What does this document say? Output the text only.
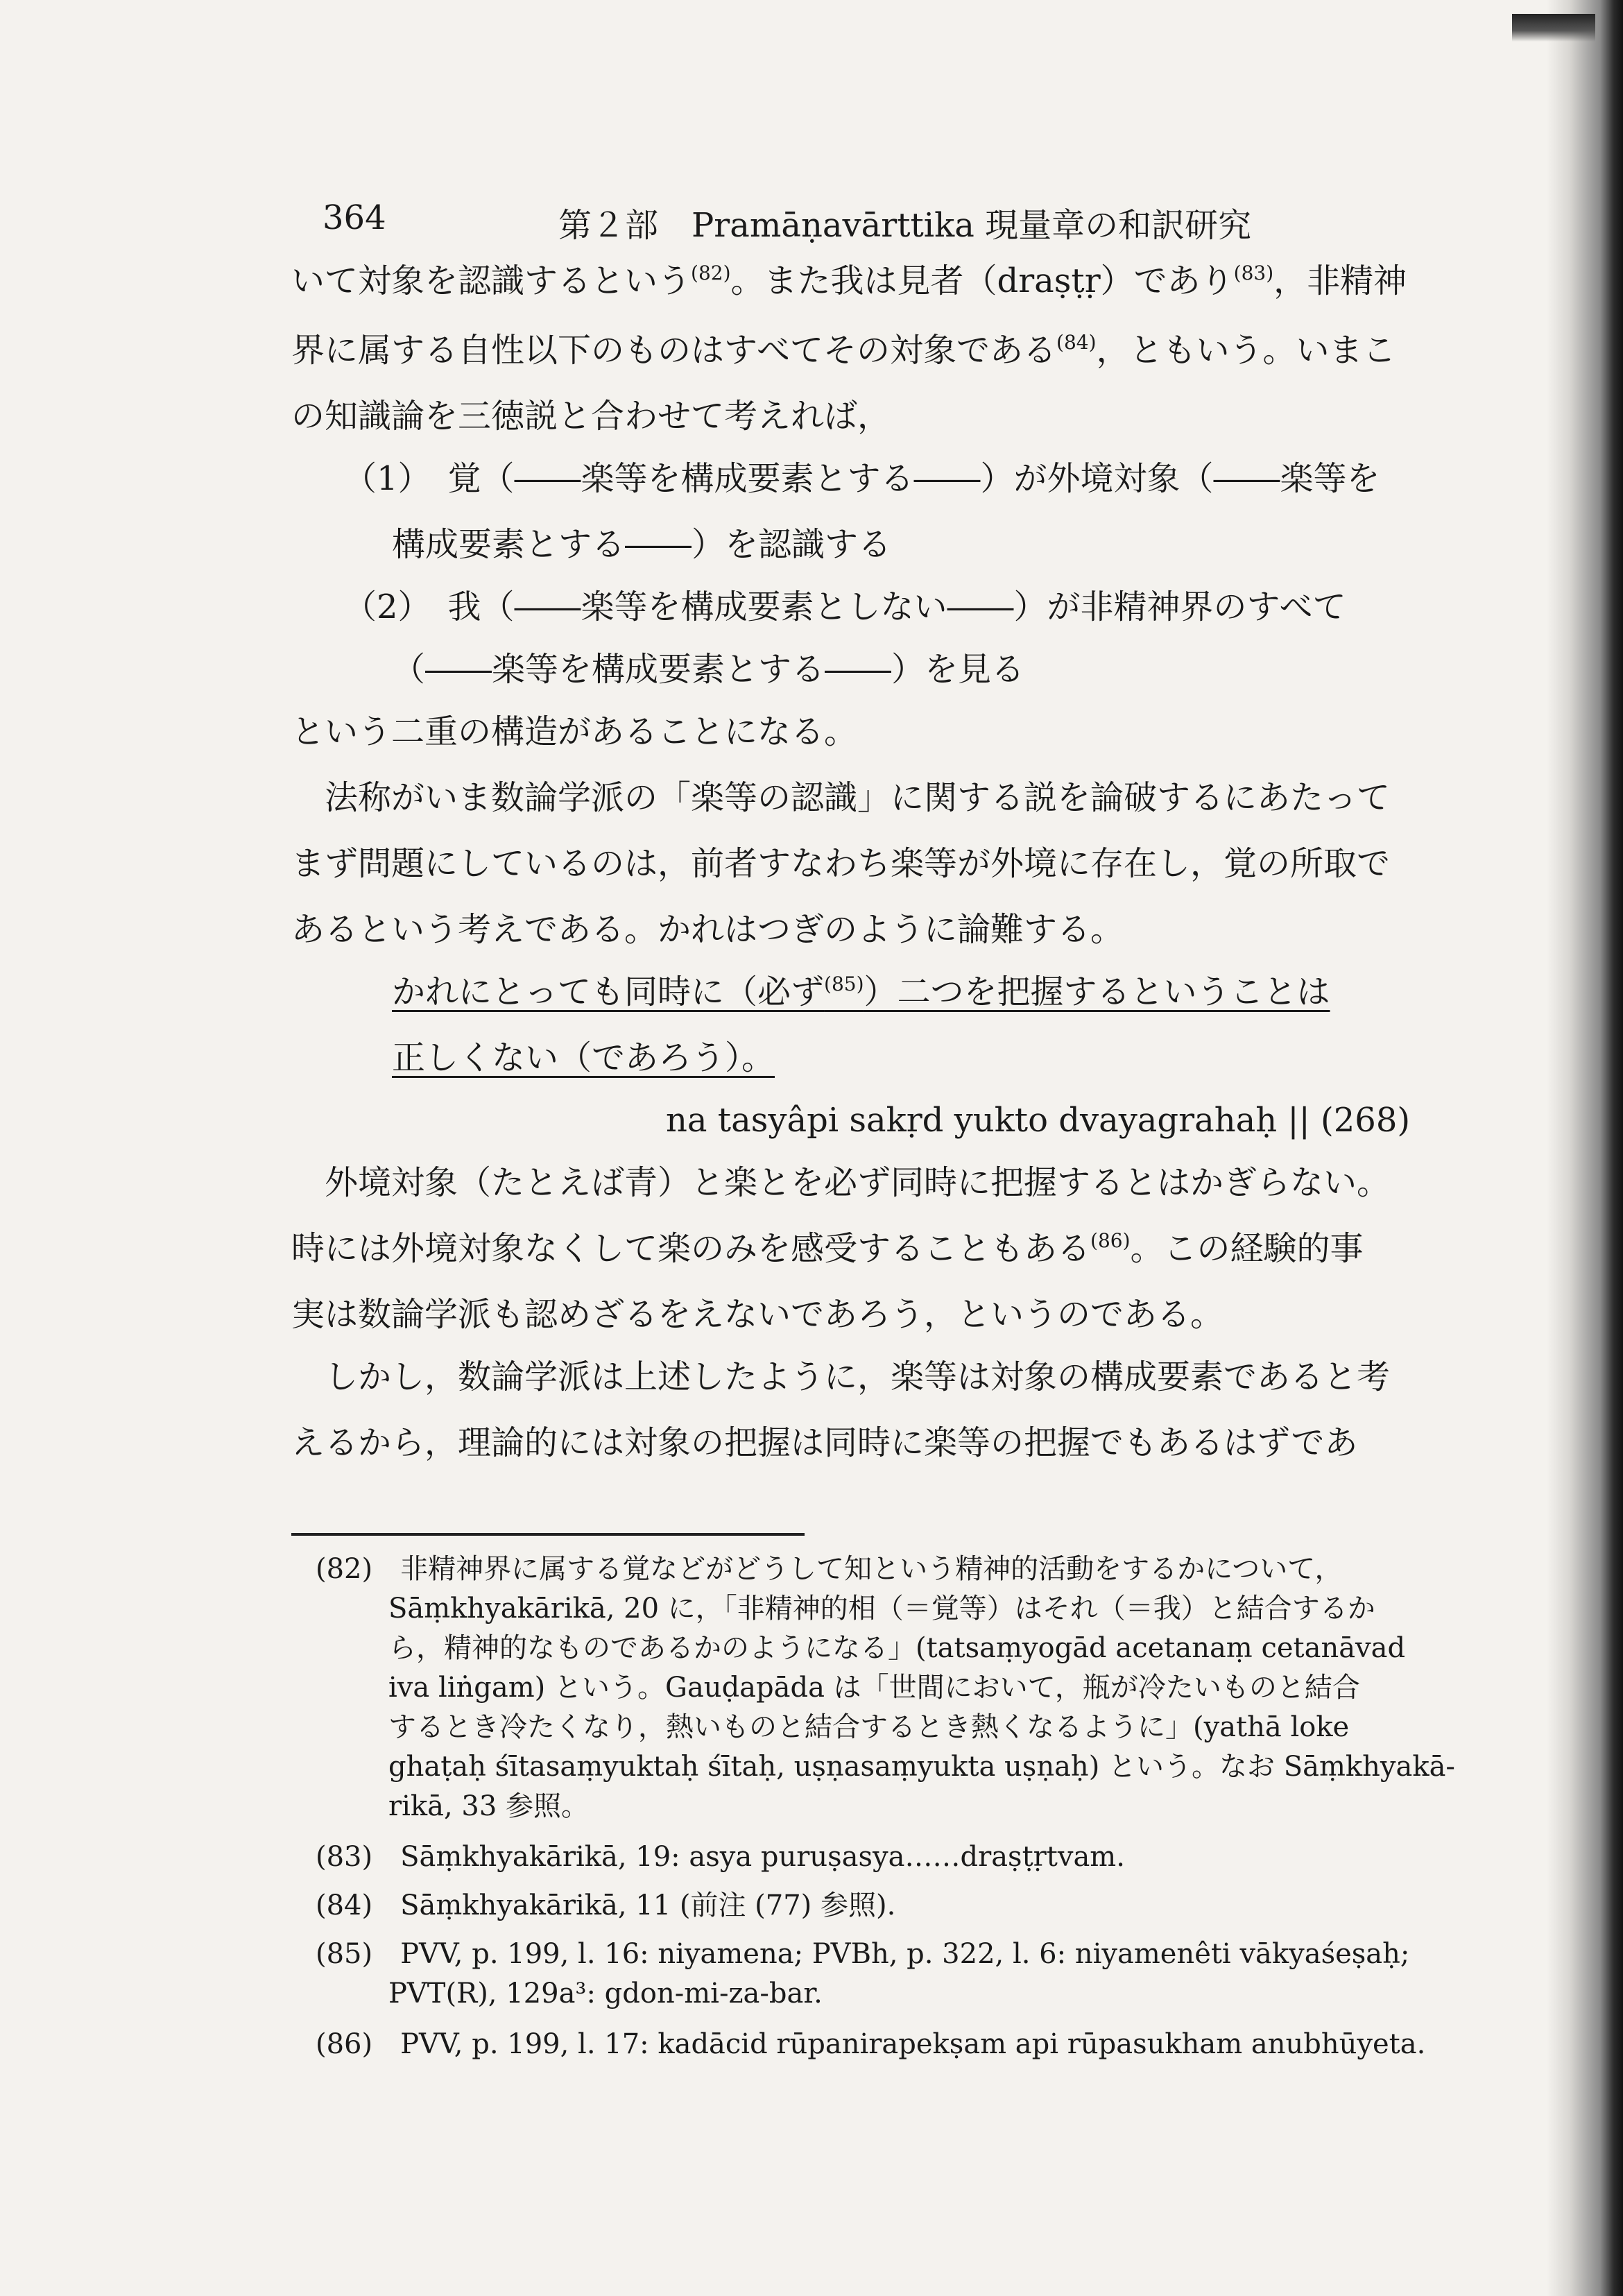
364	第２部　Pramāṇavārttika 現量章の和訳研究
いて対象を認識するという$^{(82)}$。また我は見者（draṣṭṛ）であり$^{(83)}$，非精神
界に属する自性以下のものはすべてその対象である$^{(84)}$，ともいう。いまこ
の知識論を三徳説と合わせて考えれば，
（1）　覚（――楽等を構成要素とする――）が外境対象（――楽等を
構成要素とする――）を認識する
（2）　我（――楽等を構成要素としない――）が非精神界のすべて
（――楽等を構成要素とする――）を見る
という二重の構造があることになる。
　法称がいま数論学派の「楽等の認識」に関する説を論破するにあたって
まず問題にしているのは，前者すなわち楽等が外境に存在し，覚の所取で
あるという考えである。かれはつぎのように論難する。
かれにとっても同時に（必ず$^{(85)}$）二つを把握するということは
正しくない（であろう）。
na tasyâpi sakṛd yukto dvayagrahaḥ || (268)
　外境対象（たとえば青）と楽とを必ず同時に把握するとはかぎらない。
時には外境対象なくして楽のみを感受することもある$^{(86)}$。この経験的事
実は数論学派も認めざるをえないであろう，というのである。
　しかし，数論学派は上述したように，楽等は対象の構成要素であると考
えるから，理論的には対象の把握は同時に楽等の把握でもあるはずであ
(82)　非精神界に属する覚などがどうして知という精神的活動をするかについて，
Sāṃkhyakārikā, 20 に，「非精神的相（＝覚等）はそれ（＝我）と結合するか
ら，精神的なものであるかのようになる」(tatsaṃyogād acetanaṃ cetanāvad
iva liṅgam) という。Gauḍapāda は「世間において，瓶が冷たいものと結合
するとき冷たくなり，熱いものと結合するとき熱くなるように」(yathā loke
ghaṭaḥ śītasaṃyuktaḥ śītaḥ, uṣṇasaṃyukta uṣṇaḥ) という。なお Sāṃkhyakā-
rikā, 33 参照。
(83)　Sāṃkhyakārikā, 19: asya puruṣasya……draṣṭṛtvam.
(84)　Sāṃkhyakārikā, 11 (前注 (77) 参照).
(85)　PVV, p. 199, l. 16: niyamena; PVBh, p. 322, l. 6: niyamenêti vākyaśeṣaḥ;
PVT(R), 129a³: gdon-mi-za-bar.
(86)　PVV, p. 199, l. 17: kadācid rūpanirapekṣam api rūpasukham anubhūyeta.
